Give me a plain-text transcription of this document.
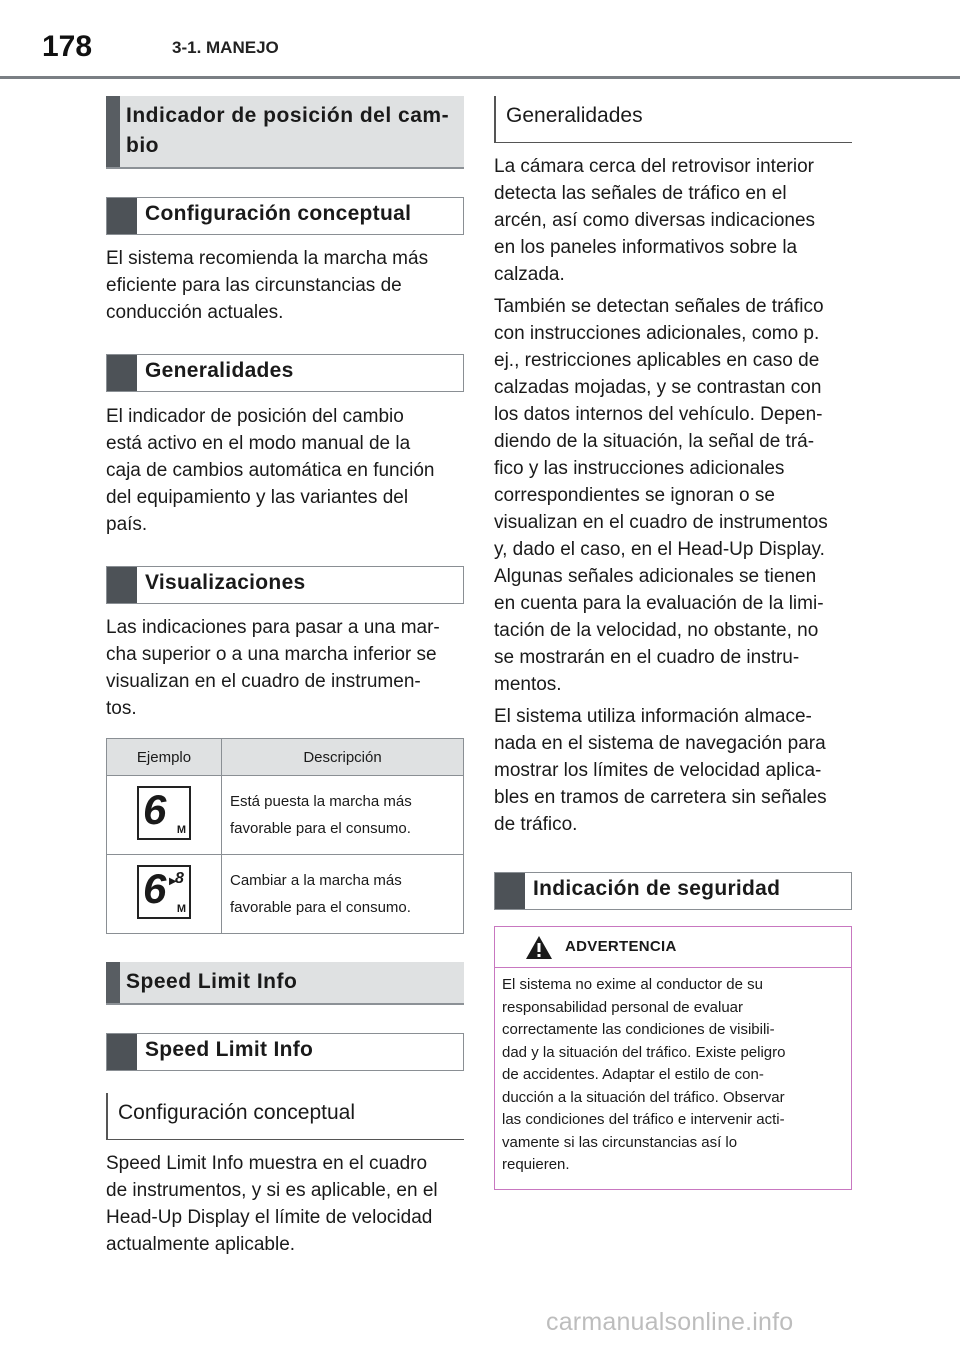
178	3-1. MANEJO
Indicador de posición del cam-
bio
Configuración conceptual

El sistema recomienda la marcha más
eficiente para las circunstancias de
conducción actuales.

Generalidades

El indicador de posición del cambio
está activo en el modo manual de la
caja de cambios automática en función
del equipamiento y las variantes del
país.

Visualizaciones

Las indicaciones para pasar a una mar-
cha superior o a una marcha inferior se
visualizan en el cuadro de instrumen-
tos.

Ejemplo	Descripción

6 M	Está puesta la marcha más
favorable para el consumo.

6 ▶
8
M	Cambiar a la marcha más
favorable para el consumo.
Speed Limit Info
Speed Limit Info
Configuración conceptual

Speed Limit Info muestra en el cuadro
de instrumentos, y si es aplicable, en el
Head-Up Display el límite de velocidad
actualmente aplicable.

Generalidades

La cámara cerca del retrovisor interior
detecta las señales de tráfico en el
arcén, así como diversas indicaciones
en los paneles informativos sobre la
calzada.

También se detectan señales de tráfico
con instrucciones adicionales, como p.
ej., restricciones aplicables en caso de
calzadas mojadas, y se contrastan con
los datos internos del vehículo. Depen-
diendo de la situación, la señal de trá-
fico y las instrucciones adicionales
correspondientes se ignoran o se
visualizan en el cuadro de instrumentos
y, dado el caso, en el Head-Up Display.
Algunas señales adicionales se tienen
en cuenta para la evaluación de la limi-
tación de la velocidad, no obstante, no
se mostrarán en el cuadro de instru-
mentos.

El sistema utiliza información almace-
nada en el sistema de navegación para
mostrar los límites de velocidad aplica-
bles en tramos de carretera sin señales
de tráfico.

Indicación de seguridad
ADVERTENCIA
El sistema no exime al conductor de su
responsabilidad personal de evaluar
correctamente las condiciones de visibili-
dad y la situación del tráfico. Existe peligro
de accidentes. Adaptar el estilo de con-
ducción a la situación del tráfico. Observar
las condiciones del tráfico e intervenir acti-
vamente si las circunstancias así lo
requieren.
carmanualsonline.info
